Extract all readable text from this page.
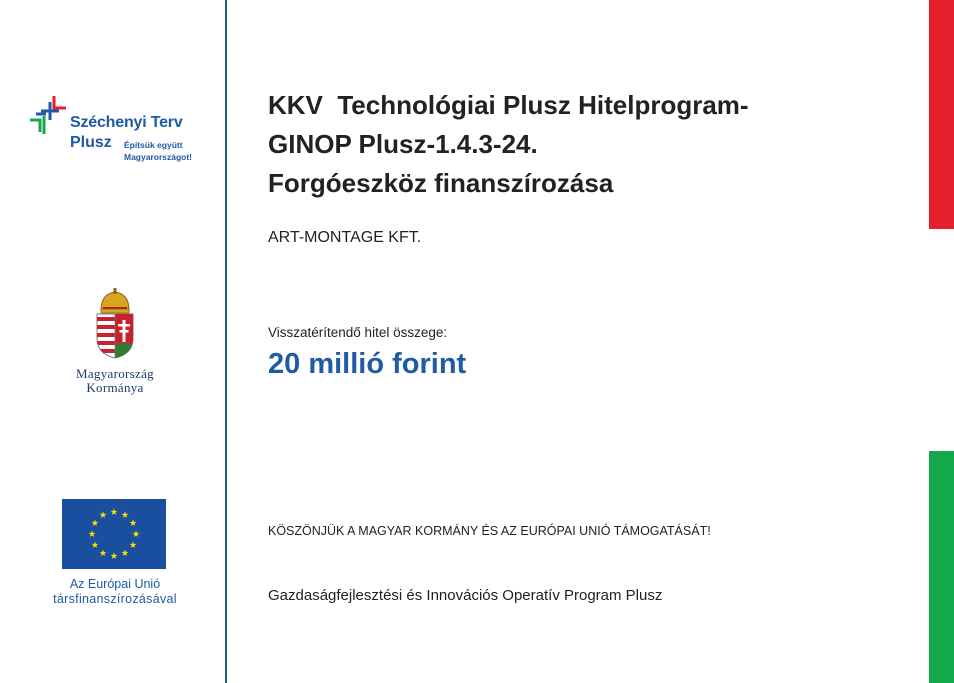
Széchenyi Terv
Plusz Építsük együtt
Magyarországot!
Magyarország
Kormánya
Az Európai Unió
társfinanszírozásával
KKV  Technológiai Plusz Hitelprogram-
GINOP Plusz-1.4.3-24.
Forgóeszköz finanszírozása
ART-MONTAGE KFT.
Visszatérítendő hitel összege:
20 millió forint
KÖSZÖNJÜK A MAGYAR KORMÁNY ÉS AZ EURÓPAI UNIÓ TÁMOGATÁSÁT!
Gazdaságfejlesztési és Innovációs Operatív Program Plusz
